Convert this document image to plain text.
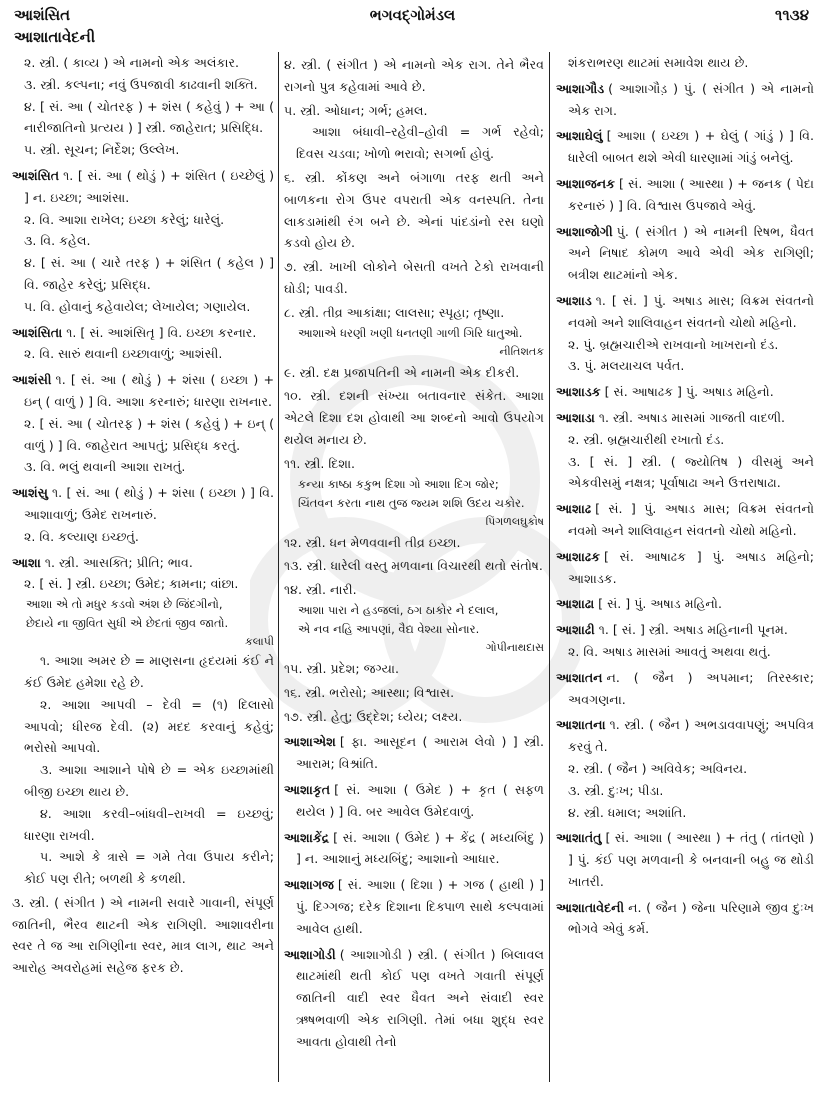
આશંસિત
આશાતાવેદની
ભગવદ્ગોમંડલ	૧૧૩૪

૨. સ્ત્રી. ( કાવ્ય ) એ નામનો એક અલંકાર.

૩. સ્ત્રી. કલ્પના; નવું ઉપજાવી કાઢવાની શક્તિ.

૪. [ સં. આ ( ચોતરફ ) + શંસ ( કહેવું ) + આ ( નારીજાતિનો પ્રત્યય ) ] સ્ત્રી. જાહેરાત; પ્રસિદ્ધિ.

૫. સ્ત્રી. સૂચન; નિર્દેશ; ઉલ્લેખ.

આશંસિત ૧. [ સં. આ ( થોડું ) + શંસિત ( ઇચ્છેલું ) ] ન. ઇચ્છા; આશંસા.

૨. વિ. આશા રાખેલ; ઇચ્છા કરેલું; ધારેલું.

૩. વિ. કહેલ.

૪. [ સં. આ ( ચારે તરફ ) + શંસિત ( કહેલ ) ] વિ. જાહેર કરેલું; પ્રસિદ્ધ.

૫. વિ. હોવાનું કહેવાયેલ; લેખાયેલ; ગણાયેલ.

આશંસિતા ૧. [ સં. આશંસિતૃ ] વિ. ઇચ્છા કરનાર.

૨. વિ. સારું થવાની ઇચ્છાવાળું; આશંસી.

આશંસી ૧. [ સં. આ ( થોડું ) + શંસા ( ઇચ્છા ) + ઇન્ ( વાળું ) ] વિ. આશા કરનારું; ધારણા રાખનાર.

૨. [ સં. આ ( ચોતરફ ) + શંસ ( કહેવું ) + ઇન્ ( વાળું ) ] વિ. જાહેરાત આપતું; પ્રસિદ્ધ કરતું.

૩. વિ. ભલું થવાની આશા રાખતું.

આશંસુ ૧. [ સં. આ ( થોડું ) + શંસા ( ઇચ્છા ) ] વિ. આશાવાળું; ઉમેદ રાખનારું.

૨. વિ. કલ્યાણ ઇચ્છતું.

આશા ૧. સ્ત્રી. આસક્તિ; પ્રીતિ; ભાવ.

૨. [ સં. ] સ્ત્રી. ઇચ્છા; ઉમેદ; કામના; વાંછા.

આશા એ તો મધુર કડવો અંશ છે જિંદગીનો,

છેદાયે ના જીવિત સુધી એ છેદતાં જીવ જાતો.

કલાપી

૧. આશા અમર છે = માણસના હૃદયમાં કંઈ ને કંઈ ઉમેદ હમેશા રહે છે.

૨. આશા આપવી – દેવી = (૧) દિલાસો આપવો; ધીરજ દેવી. (૨) મદદ કરવાનું કહેવું; ભરોસો આપવો.

૩. આશા આશાને પોષે છે = એક ઇચ્છામાંથી બીજી ઇચ્છા થાય છે.

૪. આશા કરવી–બાંધવી–રાખવી = ઇચ્છવું; ધારણા રાખવી.

૫. આશે કે ત્રાસે = ગમે તેવા ઉપાય કરીને; કોઈ પણ રીતે; બળથી કે કળથી.

૩. સ્ત્રી. ( સંગીત ) એ નામની સવારે ગાવાની, સંપૂર્ણ જાતિની, ભૈરવ થાટની એક રાગિણી. આશાવરીના સ્વર તે જ આ રાગિણીના સ્વર, માત્ર લાગ, થાટ અને આરોહ અવરોહમાં સહેજ ફરક છે.

૪. સ્ત્રી. ( સંગીત ) એ નામનો એક રાગ. તેને ભૈરવ રાગનો પુત્ર કહેવામાં આવે છે.

૫. સ્ત્રી. ઓધાન; ગર્ભ; હમલ.

આશા બંધાવી–રહેવી–હોવી = ગર્ભ રહેવો; દિવસ ચડવા; ખોળો ભરાવો; સગર્ભા હોવું.

૬. સ્ત્રી. કોંકણ અને બંગાળા તરફ થતી અને બાળકના રોગ ઉપર વપરાતી એક વનસ્પતિ. તેના લાકડામાંથી રંગ બને છે. એનાં પાંદડાંનો રસ ઘણો કડવો હોય છે.

૭. સ્ત્રી. ખાખી લોકોને બેસતી વખતે ટેકો રાખવાની ઘોડી; પાવડી.

૮. સ્ત્રી. તીવ્ર આકાંક્ષા; લાલસા; સ્પૃહા; તૃષ્ણા.

આશાએ ધરણી ખણી ધનતણી ગાળી ગિરિ ધાતુઓ.

નીતિશતક

૯. સ્ત્રી. દક્ષ પ્રજાપતિની એ નામની એક દીકરી.

૧૦. સ્ત્રી. દશની સંખ્યા બતાવનાર સંકેત. આશા એટલે દિશા દશ હોવાથી આ શબ્દનો આવો ઉપયોગ થયેલ મનાય છે.

૧૧. સ્ત્રી. દિશા.

કન્યા કાષ્ઠા કકુભ દિશા ગો આશા દિગ જોર;

ચિંતવન કરતા નાથ તુજ જ્યમ શશિ ઉદય ચકોર.

પિંગળલઘુકોષ

૧૨. સ્ત્રી. ધન મેળવવાની તીવ્ર ઇચ્છા.

૧૩. સ્ત્રી. ધારેલી વસ્તુ મળવાના વિચારથી થતો સંતોષ.

૧૪. સ્ત્રી. નારી.

આશા પારા ને હડજલાં, ઠગ ઠાકોર ને દલાલ,

એ નવ નહિ આપણાં, વૈદ્ય વેશ્યા સોનાર.

ગોપીનાથદાસ

૧૫. સ્ત્રી. પ્રદેશ; જગ્યા.

૧૬. સ્ત્રી. ભરોસો; આસ્થા; વિશ્વાસ.

૧૭. સ્ત્રી. હેતુ; ઉદ્દેશ; ધ્યેય; લક્ષ્ય.

આશાએશ [ ફા. આસૂદન ( આરામ લેવો ) ] સ્ત્રી. આરામ; વિશ્રાંતિ.

આશાકૃત [ સં. આશા ( ઉમેદ ) + કૃત ( સફળ થયેલ ) ] વિ. બર આવેલ ઉમેદવાળું.

આશાકેંદ્ર [ સં. આશા ( ઉમેદ ) + કેંદ્ર ( મધ્યબિંદુ ) ] ન. આશાનું મધ્યબિંદુ; આશાનો આધાર.

આશાગજ [ સં. આશા ( દિશા ) + ગજ ( હાથી ) ] પું. દિગ્ગજ; દરેક દિશાના દિક્પાળ સાથે કલ્પવામાં આવેલ હાથી.

આશાગોડી ( આશાગોડી ) સ્ત્રી. ( સંગીત ) બિલાવલ થાટમાંથી થતી કોઈ પણ વખતે ગવાતી સંપૂર્ણ જાતિની વાદી સ્વર ધૈવત અને સંવાદી સ્વર ઋષભવાળી એક રાગિણી. તેમાં બધા શુદ્ધ સ્વર આવતા હોવાથી તેનો

શંકરાભરણ થાટમાં સમાવેશ થાય છે.

આશાગૌડ ( આશાગૌડ઼ ) પું. ( સંગીત ) એ નામનો એક રાગ.

આશાઘેલું [ આશા ( ઇચ્છા ) + ઘેલું ( ગાંડું ) ] વિ. ધારેલી બાબત થશે એવી ધારણામાં ગાંડું બનેલું.

આશાજનક [ સં. આશા ( આસ્થા ) + જનક ( પેદા કરનારું ) ] વિ. વિશ્વાસ ઉપજાવે એવું.

આશાજોગી પું. ( સંગીત ) એ નામની રિષભ, ધૈવત અને નિષાદ કોમળ આવે એવી એક રાગિણી; બત્રીશ થાટમાંનો એક.

આશાડ ૧. [ સં. ] પું. અષાડ માસ; વિક્રમ સંવતનો નવમો અને શાલિવાહન સંવતનો ચોથો મહિનો.

૨. પું. બ્રહ્મચારીએ રાખવાનો ખાખરાનો દંડ.

૩. પું. મલયાચલ પર્વત.

આશાડક [ સં. આષાઢક ] પું. અષાડ મહિનો.

આશાડા ૧. સ્ત્રી. અષાડ માસમાં ગાજતી વાદળી.

૨. સ્ત્રી. બ્રહ્મચારીથી રખાતો દંડ.

૩. [ સં. ] સ્ત્રી. ( જ્યોતિષ ) વીસમું અને એકવીસમું નક્ષત્ર; પૂર્વાષાઢા અને ઉત્તરાષાઢા.

આશાઢ [ સં. ] પું. અષાડ માસ; વિક્રમ સંવતનો નવમો અને શાલિવાહન સંવતનો ચોથો મહિનો.

આશાઢક [ સં. આષાઢક ] પું. અષાડ મહિનો; આશાડક.

આશાઢા [ સં. ] પું. અષાડ મહિનો.

આશાઢી ૧. [ સં. ] સ્ત્રી. અષાડ મહિનાની પૂનમ.

૨. વિ. અષાડ માસમાં આવતું અથવા થતું.

આશાતન ન. ( જૈન ) અપમાન; તિરસ્કાર; અવગણના.

આશાતના ૧. સ્ત્રી. ( જૈન ) અભડાવવાપણું; અપવિત્ર કરવું તે.

૨. સ્ત્રી. ( જૈન ) અવિવેક; અવિનય.

૩. સ્ત્રી. દુઃખ; પીડા.

૪. સ્ત્રી. ધમાલ; અશાંતિ.

આશાતંતુ [ સં. આશા ( આસ્થા ) + તંતુ ( તાંતણો ) ] પું. કંઈ પણ મળવાની કે બનવાની બહુ જ થોડી ખાતરી.

આશાતાવેદની ન. ( જૈન ) જેના પરિણામે જીવ દુઃખ ભોગવે એવું કર્મ.
